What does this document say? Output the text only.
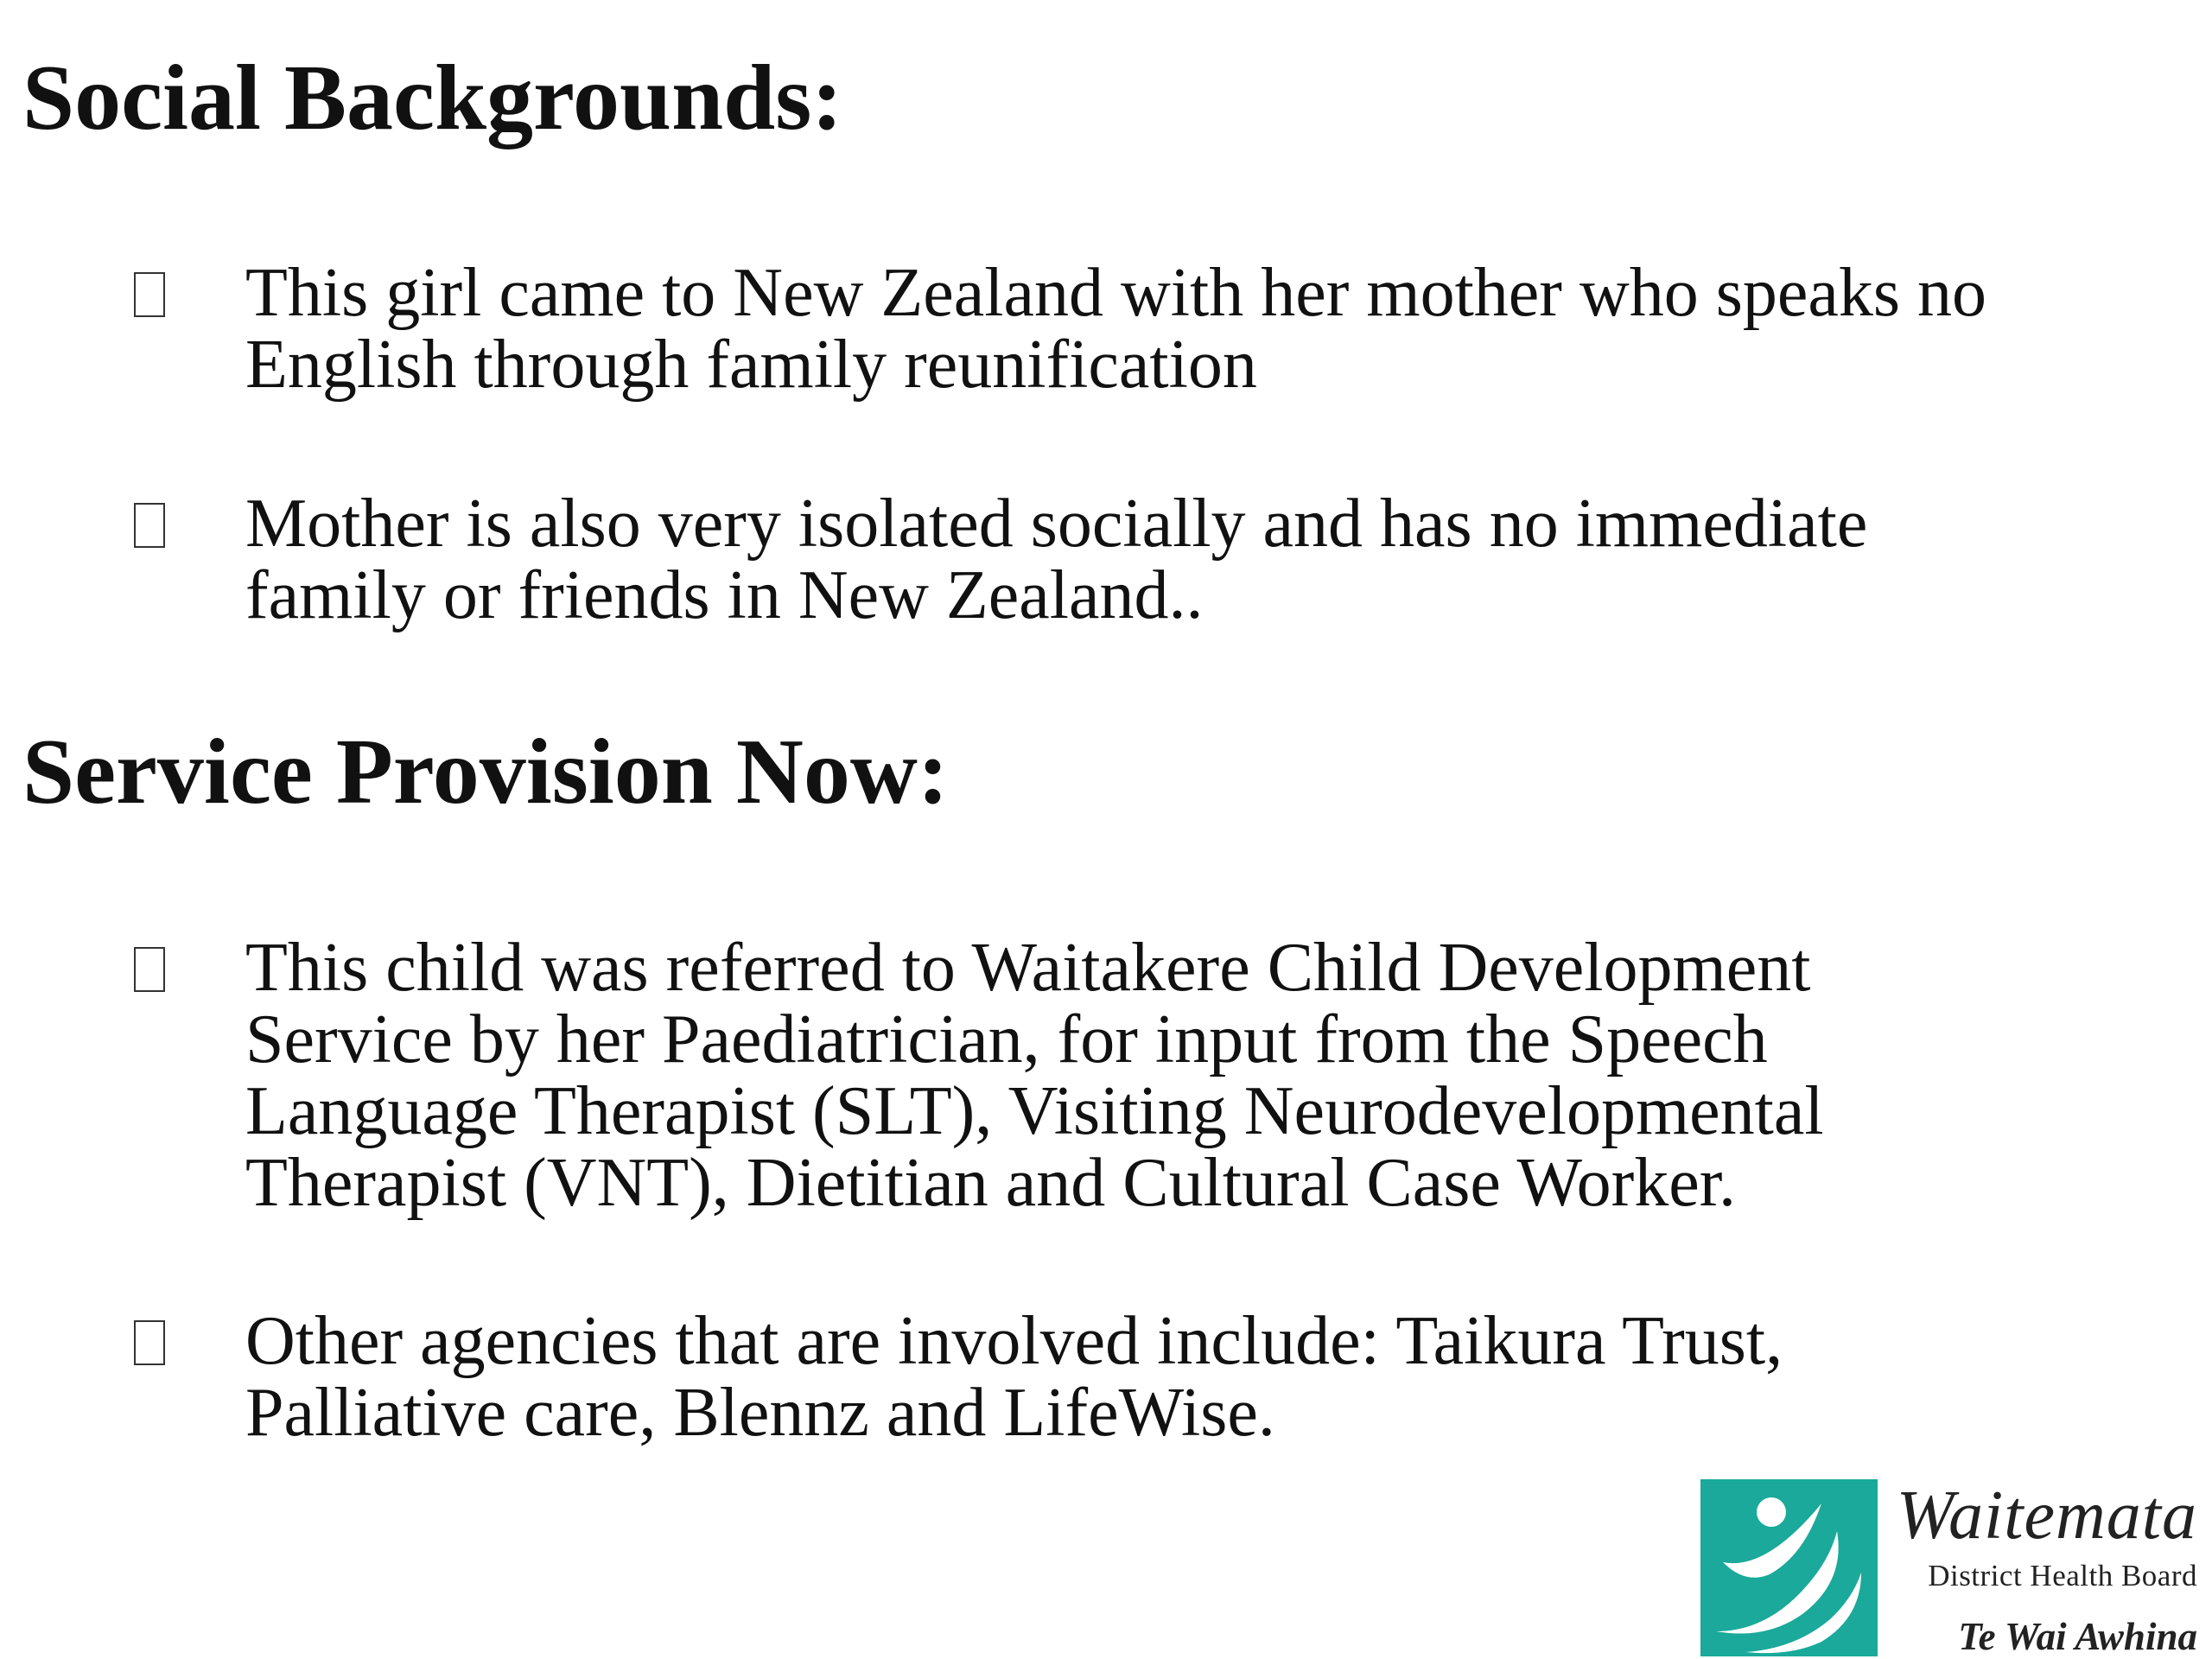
Social Backgrounds:

This girl came to New Zealand with her mother who speaks no
English through family reunification

Mother is also very isolated socially and has no immediate
family or friends in New Zealand..

Service Provision Now:

This child was referred to Waitakere Child Development
Service by her Paediatrician, for input from the Speech
Language Therapist (SLT), Visiting Neurodevelopmental
Therapist (VNT), Dietitian and Cultural Case Worker.

Other agencies that are involved include: Taikura Trust,
Palliative care, Blennz and LifeWise.

Waitemata
District Health Board
Te Wai Awhina
